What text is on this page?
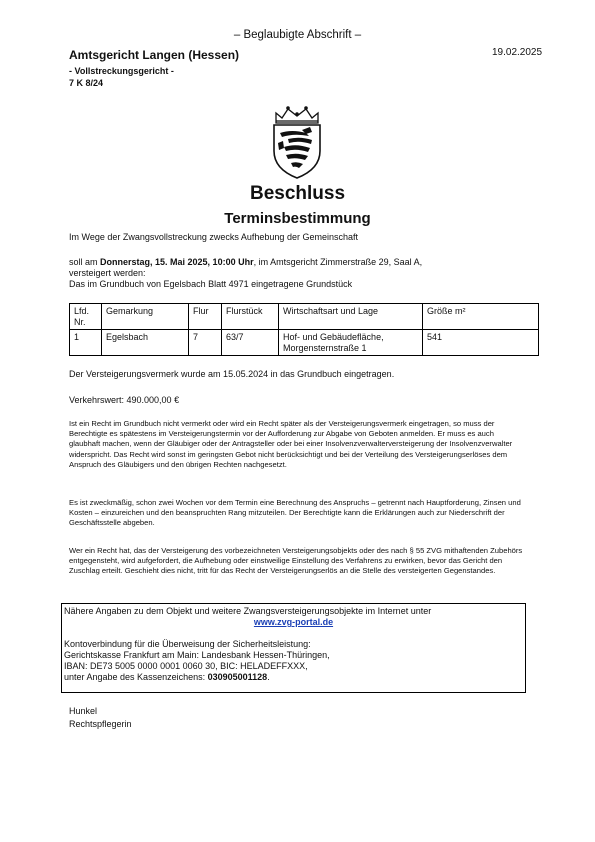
– Beglaubigte Abschrift –
Amtsgericht Langen (Hessen)
- Vollstreckungsgericht -
7 K 8/24
19.02.2025
Beschluss
Terminsbestimmung
Im Wege der Zwangsvollstreckung zwecks Aufhebung der Gemeinschaft
soll am Donnerstag, 15. Mai 2025, 10:00 Uhr, im Amtsgericht Zimmerstraße 29, Saal A,
versteigert werden:
Das im Grundbuch von Egelsbach Blatt 4971 eingetragene Grundstück
Lfd. Nr.	Gemarkung	Flur	Flurstück	Wirtschaftsart und Lage	Größe m²
1	Egelsbach	7	63/7	Hof- und Gebäudefläche, Morgensternstraße 1	541
Der Versteigerungsvermerk wurde am 15.05.2024 in das Grundbuch eingetragen.
Verkehrswert: 490.000,00 €
Ist ein Recht im Grundbuch nicht vermerkt oder wird ein Recht später als der Versteigerungsvermerk eingetragen, so muss der Berechtigte es spätestens im Versteigerungstermin vor der Aufforderung zur Abgabe von Geboten anmelden. Er muss es auch glaubhaft machen, wenn der Gläubiger oder der Antragsteller oder bei einer Insolvenzverwalterversteigerung der Insolvenzverwalter widerspricht. Das Recht wird sonst im geringsten Gebot nicht berücksichtigt und bei der Verteilung des Versteigerungserlöses dem Anspruch des Gläubigers und den übrigen Rechten nachgesetzt.
Es ist zweckmäßig, schon zwei Wochen vor dem Termin eine Berechnung des Anspruchs – getrennt nach Hauptforderung, Zinsen und Kosten – einzureichen und den beanspruchten Rang mitzuteilen. Der Berechtigte kann die Erklärungen auch zur Niederschrift der Geschäftsstelle abgeben.
Wer ein Recht hat, das der Versteigerung des vorbezeichneten Versteigerungsobjekts oder des nach § 55 ZVG mithaftenden Zubehörs entgegensteht, wird aufgefordert, die Aufhebung oder einstweilige Einstellung des Verfahrens zu erwirken, bevor das Gericht den Zuschlag erteilt. Geschieht dies nicht, tritt für das Recht der Versteigerungserlös an die Stelle des versteigerten Gegenstandes.
Nähere Angaben zu dem Objekt und weitere Zwangsversteigerungsobjekte im Internet unter
www.zvg-portal.de
Kontoverbindung für die Überweisung der Sicherheitsleistung:
Gerichtskasse Frankfurt am Main: Landesbank Hessen-Thüringen,
IBAN: DE73 5005 0000 0001 0060 30, BIC: HELADEFFXXX,
unter Angabe des Kassenzeichens: 030905001128.
Hunkel
Rechtspflegerin
